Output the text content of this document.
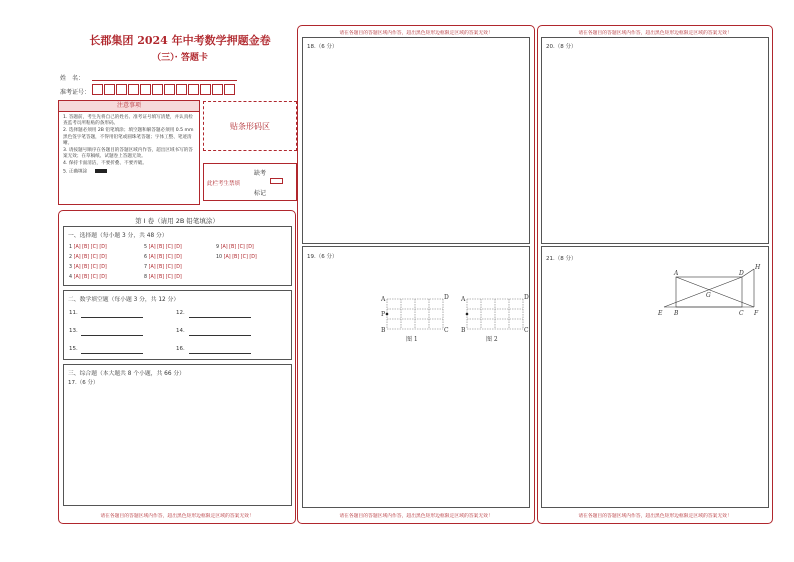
长郡集团 2024 年中考数学押题金卷
（三）· 答题卡
姓　名：
准考证号：
注意事项
1. 答题前，考生先将自己的姓名、准考证号填写清楚，并认真检查监考员所粘贴的条形码。
2. 选择题必须用 2B 铅笔填涂；填空题和解答题必须用 0.5 mm 黑色签字笔答题，不得用铅笔或圆珠笔答题；字体工整、笔迹清晰。
3. 请按题号顺序在各题目的答题区域内作答，超出区域书写的答案无效；在草稿纸、试题卷上答题无效。
4. 保持卡面清洁，不要折叠、不要弄破。
5. 正确填涂
贴条形码区
此栏考生禁填
缺考
标记
第 I 卷（请用 2B 铅笔填涂）
一、选择题（每小题 3 分，共 48 分）
1 [A] [B] [C] [D]
2 [A] [B] [C] [D]
3 [A] [B] [C] [D]
4 [A] [B] [C] [D]
5 [A] [B] [C] [D]
6 [A] [B] [C] [D]
7 [A] [B] [C] [D]
8 [A] [B] [C] [D]
9 [A] [B] [C] [D]
10 [A] [B] [C] [D]
二、数学填空题（每小题 3 分，共 12 分）
11.	12.
13.	14.
15.	16.
三、综合题（本大题共 8 个小题，共 66 分）
17.（6 分）
请在各题目的答题区域内作答，超出黑色矩形边框限定区域的答案无效！
请在各题目的答题区域内作答，超出黑色矩形边框限定区域的答案无效！
18.（6 分）
19.（6 分）
A
P
B
D
C
图 1
A
B
D
C
图 2
请在各题目的答题区域内作答，超出黑色矩形边框限定区域的答案无效！
请在各题目的答题区域内作答，超出黑色矩形边框限定区域的答案无效！
20.（8 分）
21.（8 分）
A	D
H
G
E B	C F
请在各题目的答题区域内作答，超出黑色矩形边框限定区域的答案无效！
